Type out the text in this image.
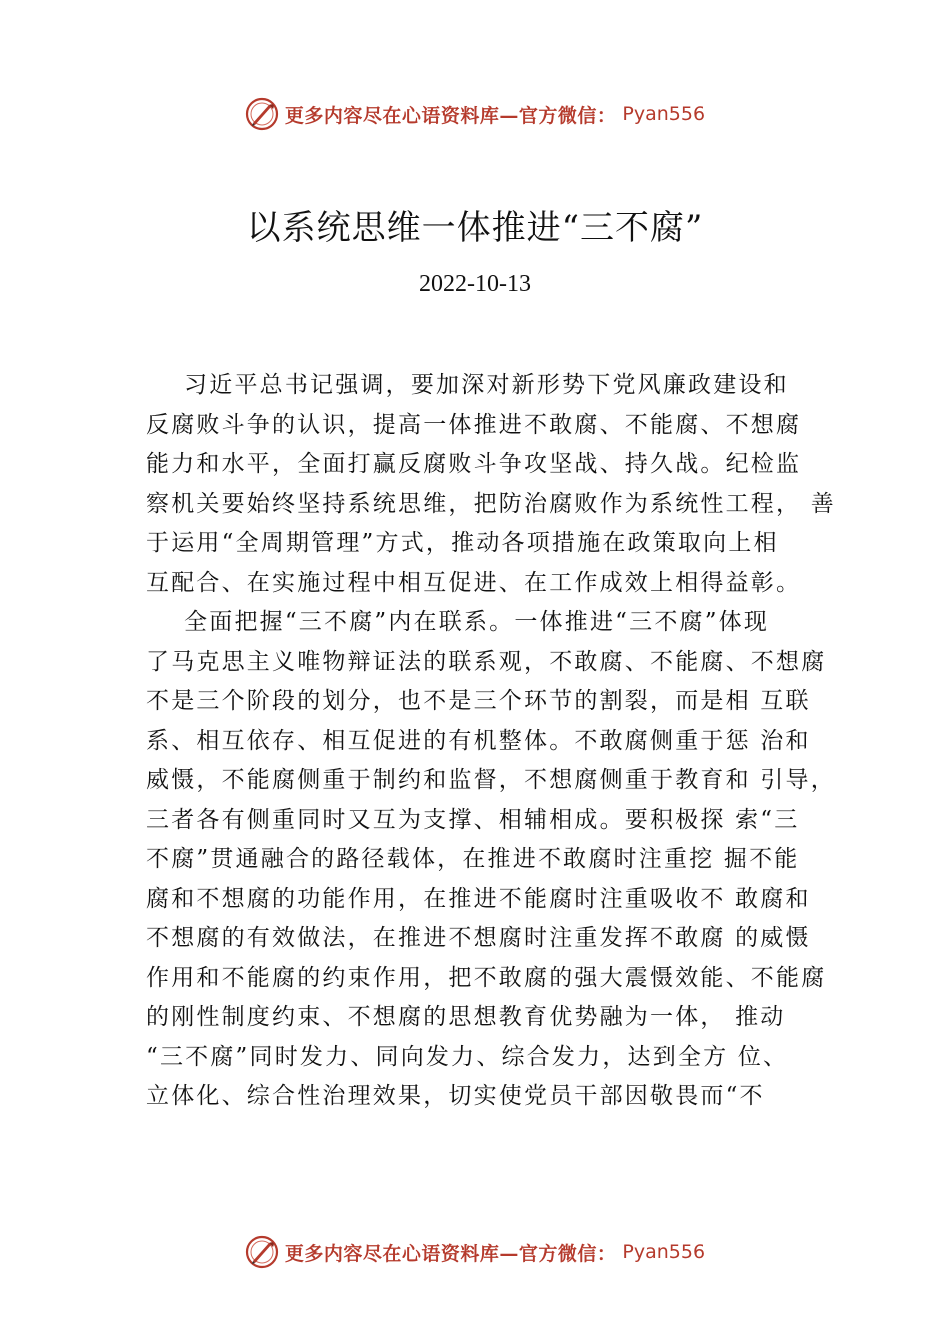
更多内容尽在心语资料库—官方微信： Pyan556
以系统思维一体推进“三不腐”
2022-10-13
习近平总书记强调，要加深对新形势下党风廉政建设和
反腐败斗争的认识，提高一体推进不敢腐、不能腐、不想腐
能力和水平，全面打赢反腐败斗争攻坚战、持久战。纪检监
察机关要始终坚持系统思维，把防治腐败作为系统性工程， 善
于运用“全周期管理”方式，推动各项措施在政策取向上相
互配合、在实施过程中相互促进、在工作成效上相得益彰。
全面把握“三不腐”内在联系。一体推进“三不腐”体现
了马克思主义唯物辩证法的联系观，不敢腐、不能腐、不想腐
不是三个阶段的划分，也不是三个环节的割裂，而是相 互联
系、相互依存、相互促进的有机整体。不敢腐侧重于惩 治和
威慑，不能腐侧重于制约和监督，不想腐侧重于教育和 引导，
三者各有侧重同时又互为支撑、相辅相成。要积极探 索“三
不腐”贯通融合的路径载体，在推进不敢腐时注重挖 掘不能
腐和不想腐的功能作用，在推进不能腐时注重吸收不 敢腐和
不想腐的有效做法，在推进不想腐时注重发挥不敢腐 的威慑
作用和不能腐的约束作用，把不敢腐的强大震慑效能、不能腐
的刚性制度约束、不想腐的思想教育优势融为一体， 推动
“三不腐”同时发力、同向发力、综合发力，达到全方 位、
立体化、综合性治理效果，切实使党员干部因敬畏而“不
更多内容尽在心语资料库—官方微信： Pyan556
